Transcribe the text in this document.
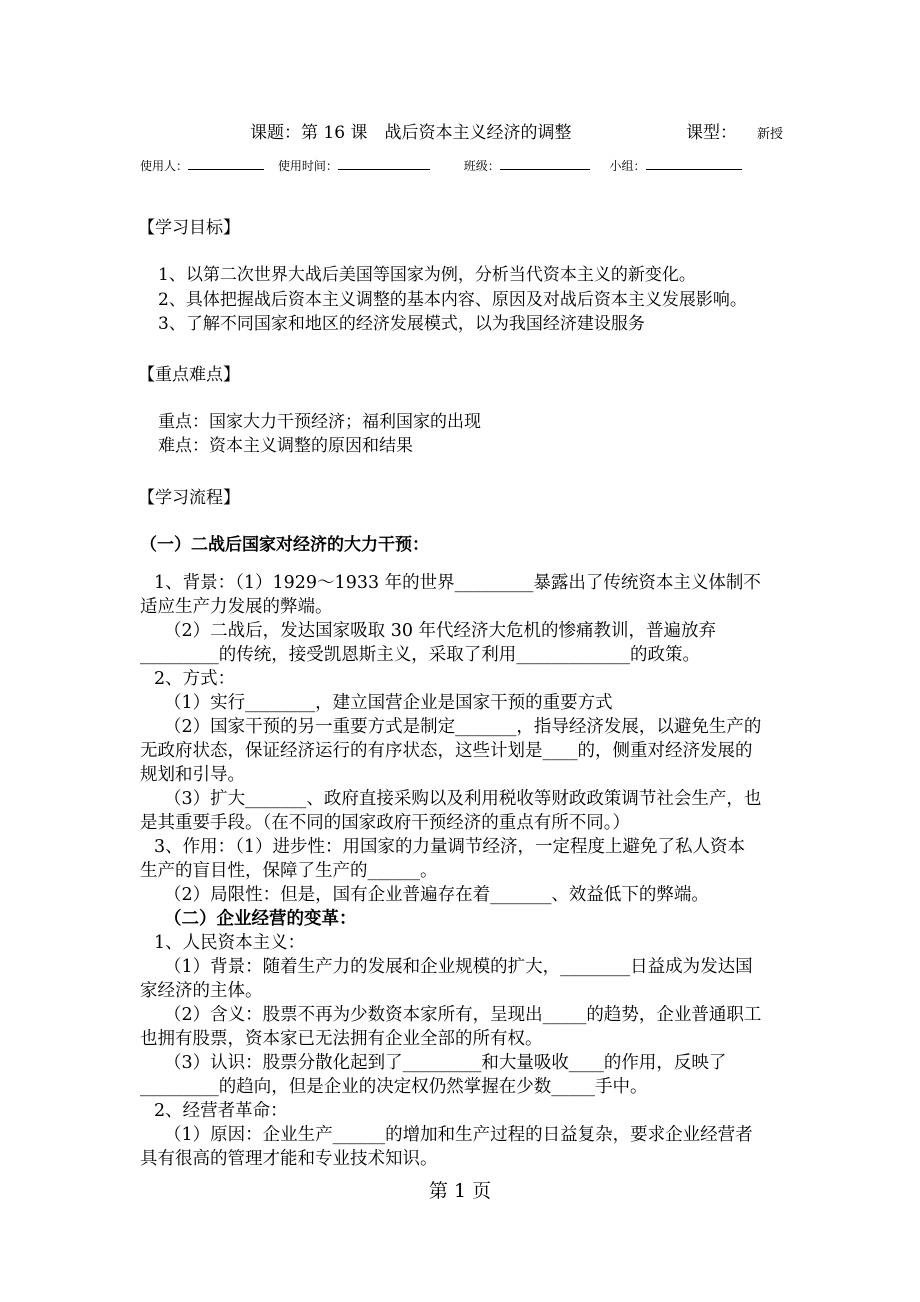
课题：第 16 课　战后资本主义经济的调整	课型： 新授
使用人：	使用时间：	班级：	小组：
【学习目标】
1、以第二次世界大战后美国等国家为例，分析当代资本主义的新变化。
2、具体把握战后资本主义调整的基本内容、原因及对战后资本主义发展影响。
3、了解不同国家和地区的经济发展模式，以为我国经济建设服务
【重点难点】
重点：国家大力干预经济；福利国家的出现
难点：资本主义调整的原因和结果
【学习流程】
（一）二战后国家对经济的大力干预：
1、背景：（1）1929～1933 年的世界_________暴露出了传统资本主义体制不
适应生产力发展的弊端。
（2）二战后，发达国家吸取 30 年代经济大危机的惨痛教训，普遍放弃
_________的传统，接受凯恩斯主义，采取了利用_____________的政策。
2、方式：
（1）实行________，建立国营企业是国家干预的重要方式
（2）国家干预的另一重要方式是制定_______，指导经济发展，以避免生产的
无政府状态，保证经济运行的有序状态，这些计划是____的，侧重对经济发展的
规划和引导。
（3）扩大_______、政府直接采购以及利用税收等财政政策调节社会生产，也
是其重要手段。（在不同的国家政府干预经济的重点有所不同。）
3、作用：（1）进步性：用国家的力量调节经济，一定程度上避免了私人资本
生产的盲目性，保障了生产的______。
（2）局限性：但是，国有企业普遍存在着_______、效益低下的弊端。
（二）企业经营的变革：
1、人民资本主义：
（1）背景：随着生产力的发展和企业规模的扩大，________日益成为发达国
家经济的主体。
（2）含义：股票不再为少数资本家所有，呈现出_____的趋势，企业普通职工
也拥有股票，资本家已无法拥有企业全部的所有权。
（3）认识：股票分散化起到了_________和大量吸收____的作用，反映了
_________的趋向，但是企业的决定权仍然掌握在少数_____手中。
2、经营者革命：
（1）原因：企业生产______的增加和生产过程的日益复杂，要求企业经营者
具有很高的管理才能和专业技术知识。
第 1 页
